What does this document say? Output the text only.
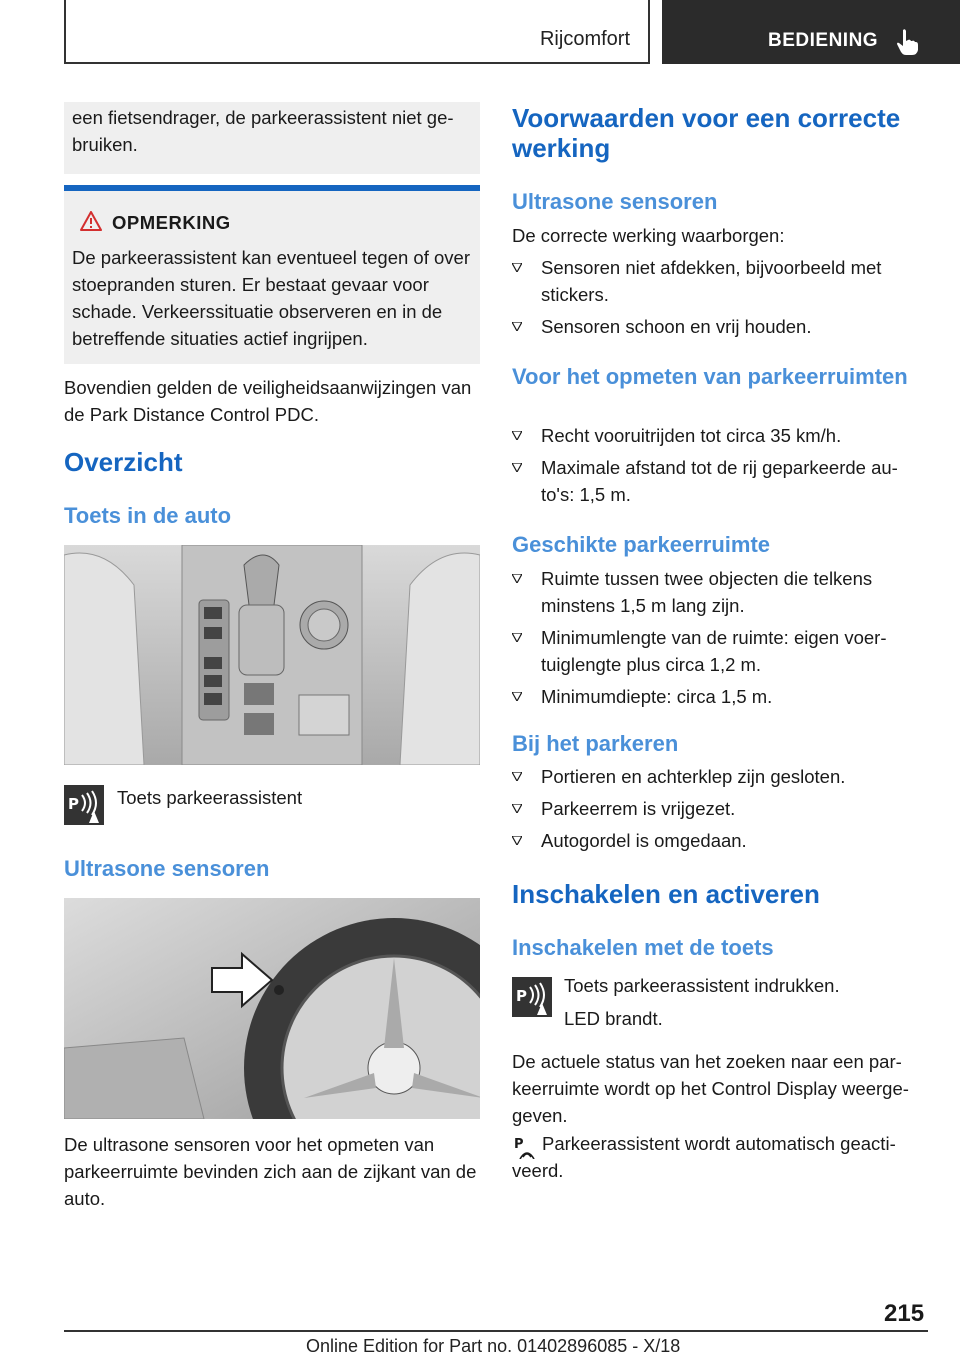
Rijcomfort	BEDIENING
een fietsendrager, de parkeerassistent niet gebruiken.
OPMERKING
De parkeerassistent kan eventueel tegen of over stoepranden sturen. Er bestaat gevaar voor schade. Verkeerssituatie observeren en in de betreffende situaties actief ingrijpen.
Bovendien gelden de veiligheidsaanwijzingen van de Park Distance Control PDC.
Overzicht
Toets in de auto
P Toets parkeerassistent
Ultrasone sensoren
De ultrasone sensoren voor het opmeten van parkeerruimte bevinden zich aan de zijkant van de auto.
Voorwaarden voor een correcte werking
Ultrasone sensoren
De correcte werking waarborgen:
Sensoren niet afdekken, bijvoorbeeld met stickers.
Sensoren schoon en vrij houden.
Voor het opmeten van parkeerruimten
Recht vooruitrijden tot circa 35 km/h.
Maximale afstand tot de rij geparkeerde auto's: 1,5 m.
Geschikte parkeerruimte
Ruimte tussen twee objecten die telkens minstens 1,5 m lang zijn.
Minimumlengte van de ruimte: eigen voertuiglengte plus circa 1,2 m.
Minimumdiepte: circa 1,5 m.
Bij het parkeren
Portieren en achterklep zijn gesloten.
Parkeerrem is vrijgezet.
Autogordel is omgedaan.
Inschakelen en activeren
Inschakelen met de toets
P Toets parkeerassistent indrukken.
LED brandt.
De actuele status van het zoeken naar een parkeerruimte wordt op het Control Display weergegeven.
P Parkeerassistent wordt automatisch geactiveerd.
215
Online Edition for Part no. 01402896085 - X/18
